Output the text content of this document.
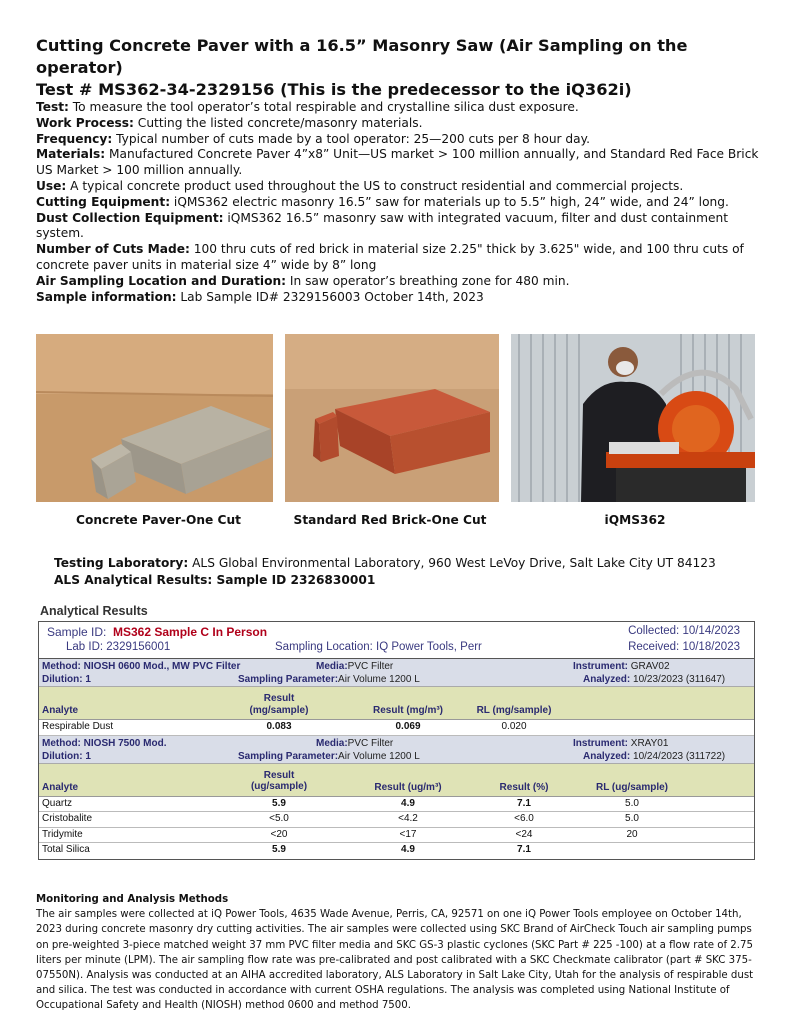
Cutting Concrete Paver with a 16.5” Masonry Saw (Air Sampling on the operator)
Test # MS362-34-2329156 (This is the predecessor to the iQ362i)

Test: To measure the tool operator’s total respirable and crystalline silica dust exposure.

Work Process: Cutting the listed concrete/masonry materials.

Frequency: Typical number of cuts made by a tool operator: 25—200 cuts per 8 hour day.

Materials: Manufactured Concrete Paver 4”x8” Unit—US market > 100 million annually, and Standard Red Face Brick US Market > 100 million annually.

Use: A typical concrete product used throughout the US to construct residential and commercial projects.

Cutting Equipment: iQMS362 electric masonry 16.5” saw for materials up to 5.5” high, 24” wide, and 24” long.

Dust Collection Equipment: iQMS362 16.5” masonry saw with integrated vacuum, filter and dust containment system.

Number of Cuts Made: 100 thru cuts of red brick in material size 2.25" thick by 3.625" wide, and 100 thru cuts of concrete paver units in material size 4” wide by 8” long

Air Sampling Location and Duration: In saw operator’s breathing zone for 480 min.

Sample information: Lab Sample ID# 2329156003 October 14th, 2023

Concrete Paver-One Cut	Standard Red Brick-One Cut	iQMS362

Testing Laboratory: ALS Global Environmental Laboratory, 960 West LeVoy Drive, Salt Lake City UT 84123

ALS Analytical Results: Sample ID 2326830001

Analytical Results
Sample ID: MS362 Sample C In Person
Lab ID: 2329156001	Sampling Location: IQ Power Tools, Perr
Collected: 10/14/2023
Received: 10/18/2023
Method: NIOSH 0600 Mod., MW PVC Filter
Dilution: 1
Media:PVC Filter
Sampling Parameter:Air Volume 1200 L
Instrument: GRAV02
Analyzed: 10/23/2023 (311647)
Analyte
Result (mg/sample)	Result (mg/m³)	RL (mg/sample)
Respirable Dust	0.083	0.069	0.020
Method: NIOSH 7500 Mod.
Dilution: 1
Media:PVC Filter
Sampling Parameter:Air Volume 1200 L
Instrument: XRAY01
Analyzed: 10/24/2023 (311722)
Analyte
Result (ug/sample)	Result (ug/m³)	Result (%)	RL (ug/sample)
Quartz	5.9	4.9	7.1	5.0
Cristobalite	<5.0	<4.2	<6.0	5.0
Tridymite	<20	<17	<24	20
Total Silica	5.9	4.9	7.1
Monitoring and Analysis Methods

The air samples were collected at iQ Power Tools, 4635 Wade Avenue, Perris, CA, 92571 on one iQ Power Tools employee on October 14th, 2023 during concrete masonry dry cutting activities. The air samples were collected using SKC Brand of AirCheck Touch air sampling pumps on pre-weighted 3-piece matched weight 37 mm PVC filter media and SKC GS-3 plastic cyclones (SKC Part # 225 -100) at a flow rate of 2.75 liters per minute (LPM). The air sampling flow rate was pre-calibrated and post calibrated with a SKC Checkmate calibrator (part # SKC 375-07550N). Analysis was conducted at an AIHA accredited laboratory, ALS Laboratory in Salt Lake City, Utah for the analysis of respirable dust and silica. The test was conducted in accordance with current OSHA regulations. The analysis was completed using National Institute of Occupational Safety and Health (NIOSH) method 0600 and method 7500.
